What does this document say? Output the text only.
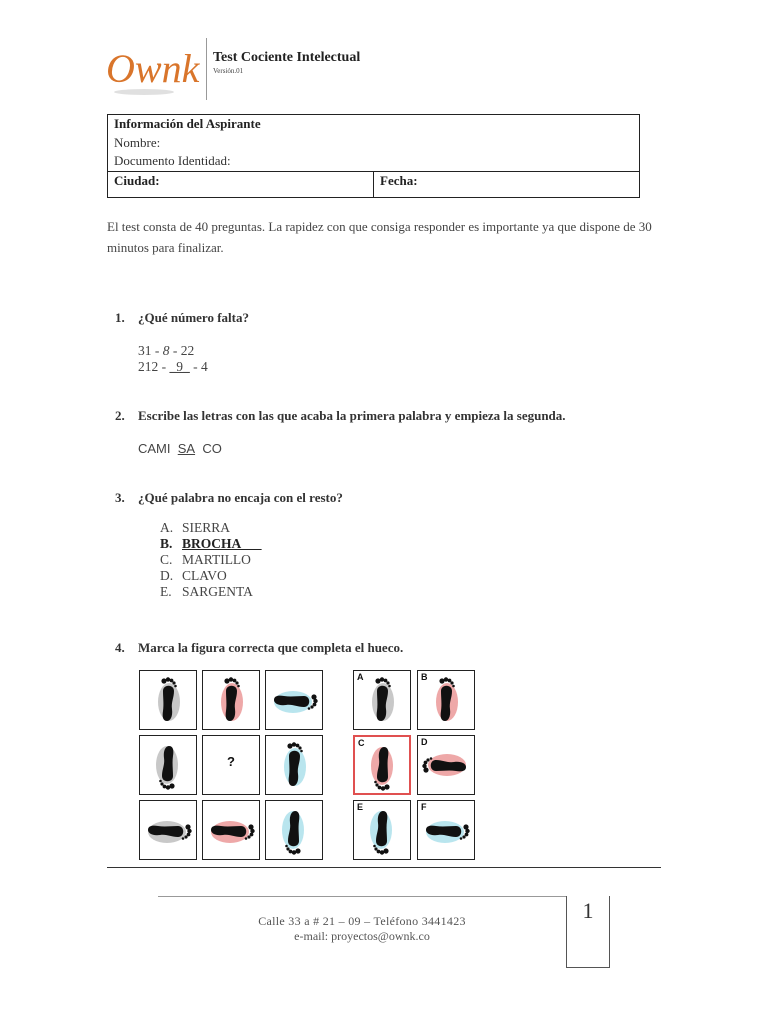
Ownk Test Cociente Intelectual
Versión.01
Información del Aspirante
Nombre:
Documento Identidad:
Ciudad:	Fecha:
El test consta de 40 preguntas. La rapidez con que consiga responder es importante ya que dispone de 30 minutos para finalizar.
1. ¿Qué número falta?
31 - 8 - 22
212 - _9_ - 4
2. Escribe las letras con las que acaba la primera palabra y empieza la segunda.
CAMI SA CO
3. ¿Qué palabra no encaja con el resto?
A. SIERRA
B. BROCHA___
C. MARTILLO
D. CLAVO
E. SARGENTA
4. Marca la figura correcta que completa el hueco.
?
A	B
C	D
E	F
Calle 33 a # 21 – 09 – Teléfono 3441423
e-mail: proyectos@ownk.co
1
